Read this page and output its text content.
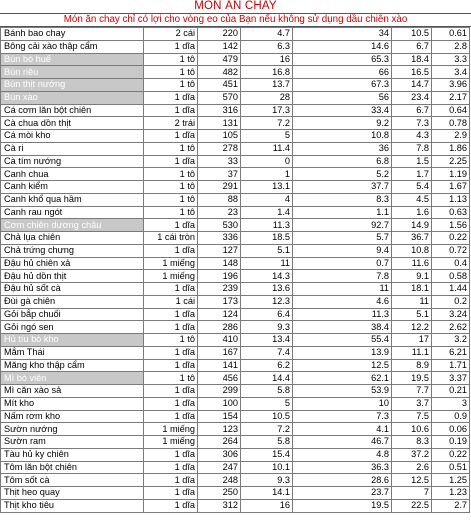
MÓN ĂN CHAY
Món ăn chay chỉ có lợi cho vòng eo của Bạn nếu không sử dụng dầu chiên xào
Bánh bao chay	2 cái	220	4.7	34	10.5	0.61
Bông cải xào thập cẩm	1 dĩa	142	6.3	14.6	6.7	2.8
Bún bò huế	1 tô	479	16	65.3	18.4	3.3
Bún riêu	1 tô	482	16.8	66	16.5	3.4
Bún thịt nướng	1 tô	451	13.7	67.3	14.7	3.96
Bún xào	1 dĩa	570	28	56	23.4	2.17
Cá cơm lăn bột chiên	1 dĩa	316	17.3	33.4	6.7	0.64
Cà chua dồn thịt	2 trái	131	7.2	9.2	7.3	0.78
Cá mòi kho	1 dĩa	105	5	10.8	4.3	2.9
Cà ri	1 tô	278	11.4	36	7.8	1.86
Cà tím nướng	1 dĩa	33	0	6.8	1.5	2.25
Canh chua	1 tô	37	1	5.2	1.7	1.19
Canh kiểm	1 tô	291	13.1	37.7	5.4	1.67
Canh khổ qua hầm	1 tô	88	4	8.3	4.5	1.13
Canh rau ngót	1 tô	23	1.4	1.1	1.6	0.63
Cơm chiên dương châu	1 dĩa	530	11.3	92.7	14.9	1.56
Chả lụa chiên	1 cái tròn	336	18.5	5.7	36.7	0.22
Chả trứng chưng	1 dĩa	127	5.1	9.4	10.8	0.72
Đậu hủ chiên xả	1 miếng	148	11	0.7	11.6	0.4
Đậu hủ dồn thịt	1 miếng	196	14.3	7.8	9.1	0.58
Đậu hủ sốt cà	1 dĩa	239	13.6	11	18.1	1.44
Đùi gà chiên	1 cái	173	12.3	4.6	11	0.2
Gỏi bắp chuối	1 dĩa	124	6.4	11.3	5.1	3.24
Gỏi ngó sen	1 dĩa	286	9.3	38.4	12.2	2.62
Hủ tíu bò kho	1 tô	410	13.4	55.4	17	3.2
Mắm Thái	1 dĩa	167	7.4	13.9	11.1	6.21
Măng kho thập cẩm	1 dĩa	141	6.2	12.5	8.9	1.71
Mì bò viên	1 tô	456	14.4	62.1	19.5	3.37
Mì căn xào sả	1 dĩa	299	5.8	53.9	7.7	0.21
Mít kho	1 dĩa	100	5	10	3.7	3
Nấm rơm kho	1 dĩa	154	10.5	7.3	7.5	0.9
Sườn nướng	1 miếng	123	7.2	4.1	10.6	0.06
Sườn ram	1 miếng	264	5.8	46.7	8.3	0.19
Tàu hủ ky chiên	1 dĩa	306	15.4	4.8	37.2	0.22
Tôm lăn bột chiên	1 dĩa	247	10.1	36.3	2.6	0.51
Tôm sốt cà	1 dĩa	248	9.3	28.6	12.5	1.25
Thịt heo quay	1 dĩa	250	14.1	23.7	7	1.23
Thịt kho tiêu	1 dĩa	312	16	19.5	22.5	2.7
